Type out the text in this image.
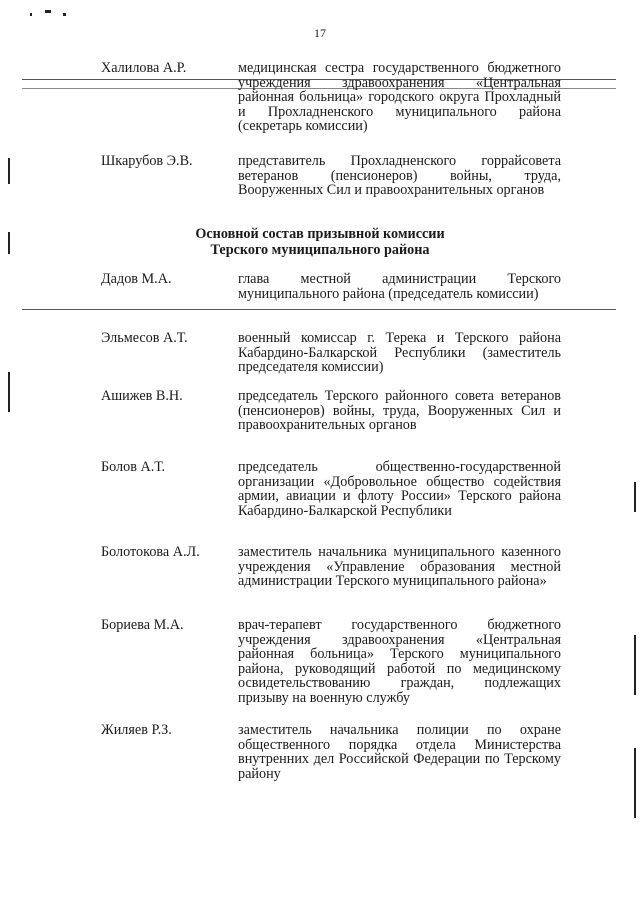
17
Халилова А.Р.	медицинская сестра государственного бюджетного учреждения здравоохранения «Центральная районная больница» городского округа Прохладный и Прохладненского муниципального района (секретарь комиссии)
Шкарубов Э.В.	представитель Прохладненского горрайсовета ветеранов (пенсионеров) войны, труда, Вооруженных Сил и правоохранительных органов
Основной состав призывной комиссии
Терского муниципального района
Дадов М.А.	глава местной администрации Терского муниципального района (председатель комиссии)
Эльмесов А.Т.	военный комиссар г. Терека и Терского района Кабардино-Балкарской Республики (заместитель председателя комиссии)
Ашижев В.Н.	председатель Терского районного совета ветеранов (пенсионеров) войны, труда, Вооруженных Сил и правоохранительных органов
Болов А.Т.	председатель общественно-государственной организации «Добровольное общество содействия армии, авиации и флоту России» Терского района Кабардино-Балкарской Республики
Болотокова А.Л.	заместитель начальника муниципального казенного учреждения «Управление образования местной администрации Терского муниципального района»
Бориева М.А.	врач-терапевт государственного бюджетного учреждения здравоохранения «Центральная районная больница» Терского муниципального района, руководящий работой по медицинскому освидетельствованию граждан, подлежащих призыву на военную службу
Жиляев Р.З.	заместитель начальника полиции по охране общественного порядка отдела Министерства внутренних дел Российской Федерации по Терскому району
